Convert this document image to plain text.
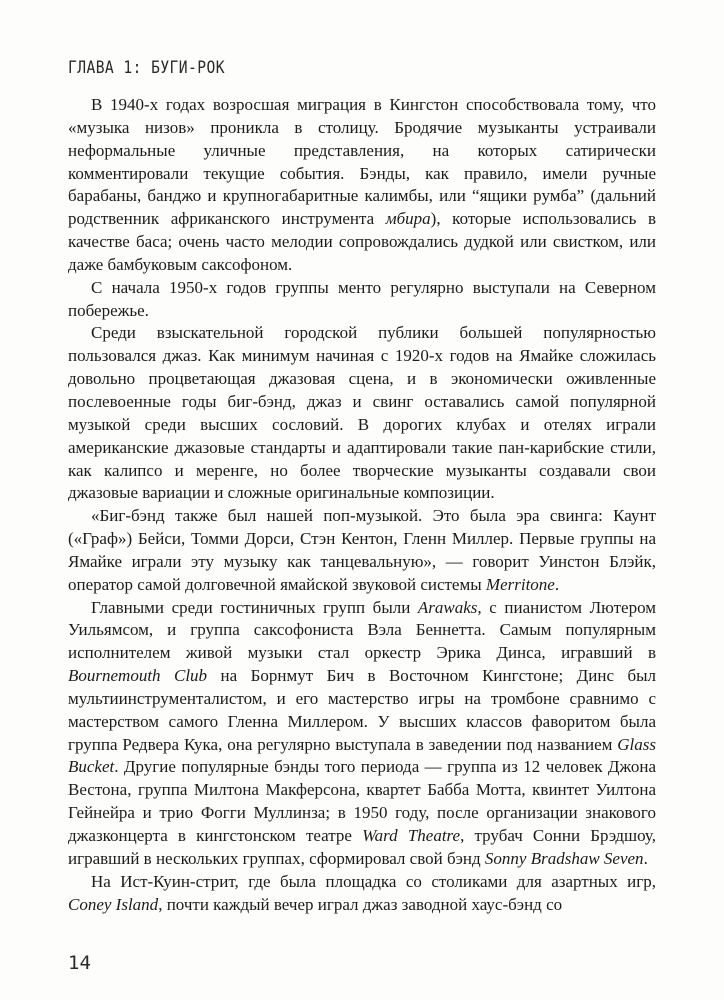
ГЛАВА 1: БУГИ-РОК

В 1940-х годах возросшая миграция в Кингстон способствовала тому, что «музыка низов» проникла в столицу. Бродячие музыканты устраивали неформальные уличные представления, на которых сатирически комментировали текущие события. Бэнды, как правило, имели ручные барабаны, банджо и крупногабаритные калимбы, или “ящики румба” (дальний родственник африканского инструмента мбира), которые использовались в качестве баса; очень часто мелодии сопровождались дудкой или свистком, или даже бамбуковым саксофоном.

С начала 1950-х годов группы менто регулярно выступали на Северном побережье.

Среди взыскательной городской публики большей популярностью пользовался джаз. Как минимум начиная с 1920-х годов на Ямайке сложилась довольно процветающая джазовая сцена, и в экономически оживленные послевоенные годы биг-бэнд, джаз и свинг оставались самой популярной музыкой среди высших сословий. В дорогих клубах и отелях играли американские джазовые стандарты и адаптировали такие пан-карибские стили, как калипсо и меренге, но более творческие музыканты создавали свои джазовые вариации и сложные оригинальные композиции.

«Биг-бэнд также был нашей поп-музыкой. Это была эра свинга: Каунт («Граф») Бейси, Томми Дорси, Стэн Кентон, Гленн Миллер. Первые группы на Ямайке играли эту музыку как танцевальную», — говорит Уинстон Блэйк, оператор самой долговечной ямайской звуковой системы Merritone.

Главными среди гостиничных групп были Arawaks, с пианистом Лютером Уильямсом, и группа саксофониста Вэла Беннетта. Самым популярным исполнителем живой музыки стал оркестр Эрика Динса, игравший в Bournemouth Club на Борнмут Бич в Восточном Кингстоне; Динс был мультиинструменталистом, и его мастерство игры на тромбоне сравнимо с мастерством самого Гленна Миллером. У высших классов фаворитом была группа Редвера Кука, она регулярно выступала в заведении под названием Glass Bucket. Другие популярные бэнды того периода — группа из 12 человек Джона Вестона, группа Милтона Макферсона, квартет Бабба Мотта, квинтет Уилтона Гейнейра и трио Фогги Муллинза; в 1950 году, после организации знакового джазконцерта в кингстонском театре Ward Theatre, трубач Сонни Брэдшоу, игравший в нескольких группах, сформировал свой бэнд Sonny Bradshaw Seven.

На Ист-Куин-стрит, где была площадка со столиками для азартных игр, Coney Island, почти каждый вечер играл джаз заводной хаус-бэнд со

14
